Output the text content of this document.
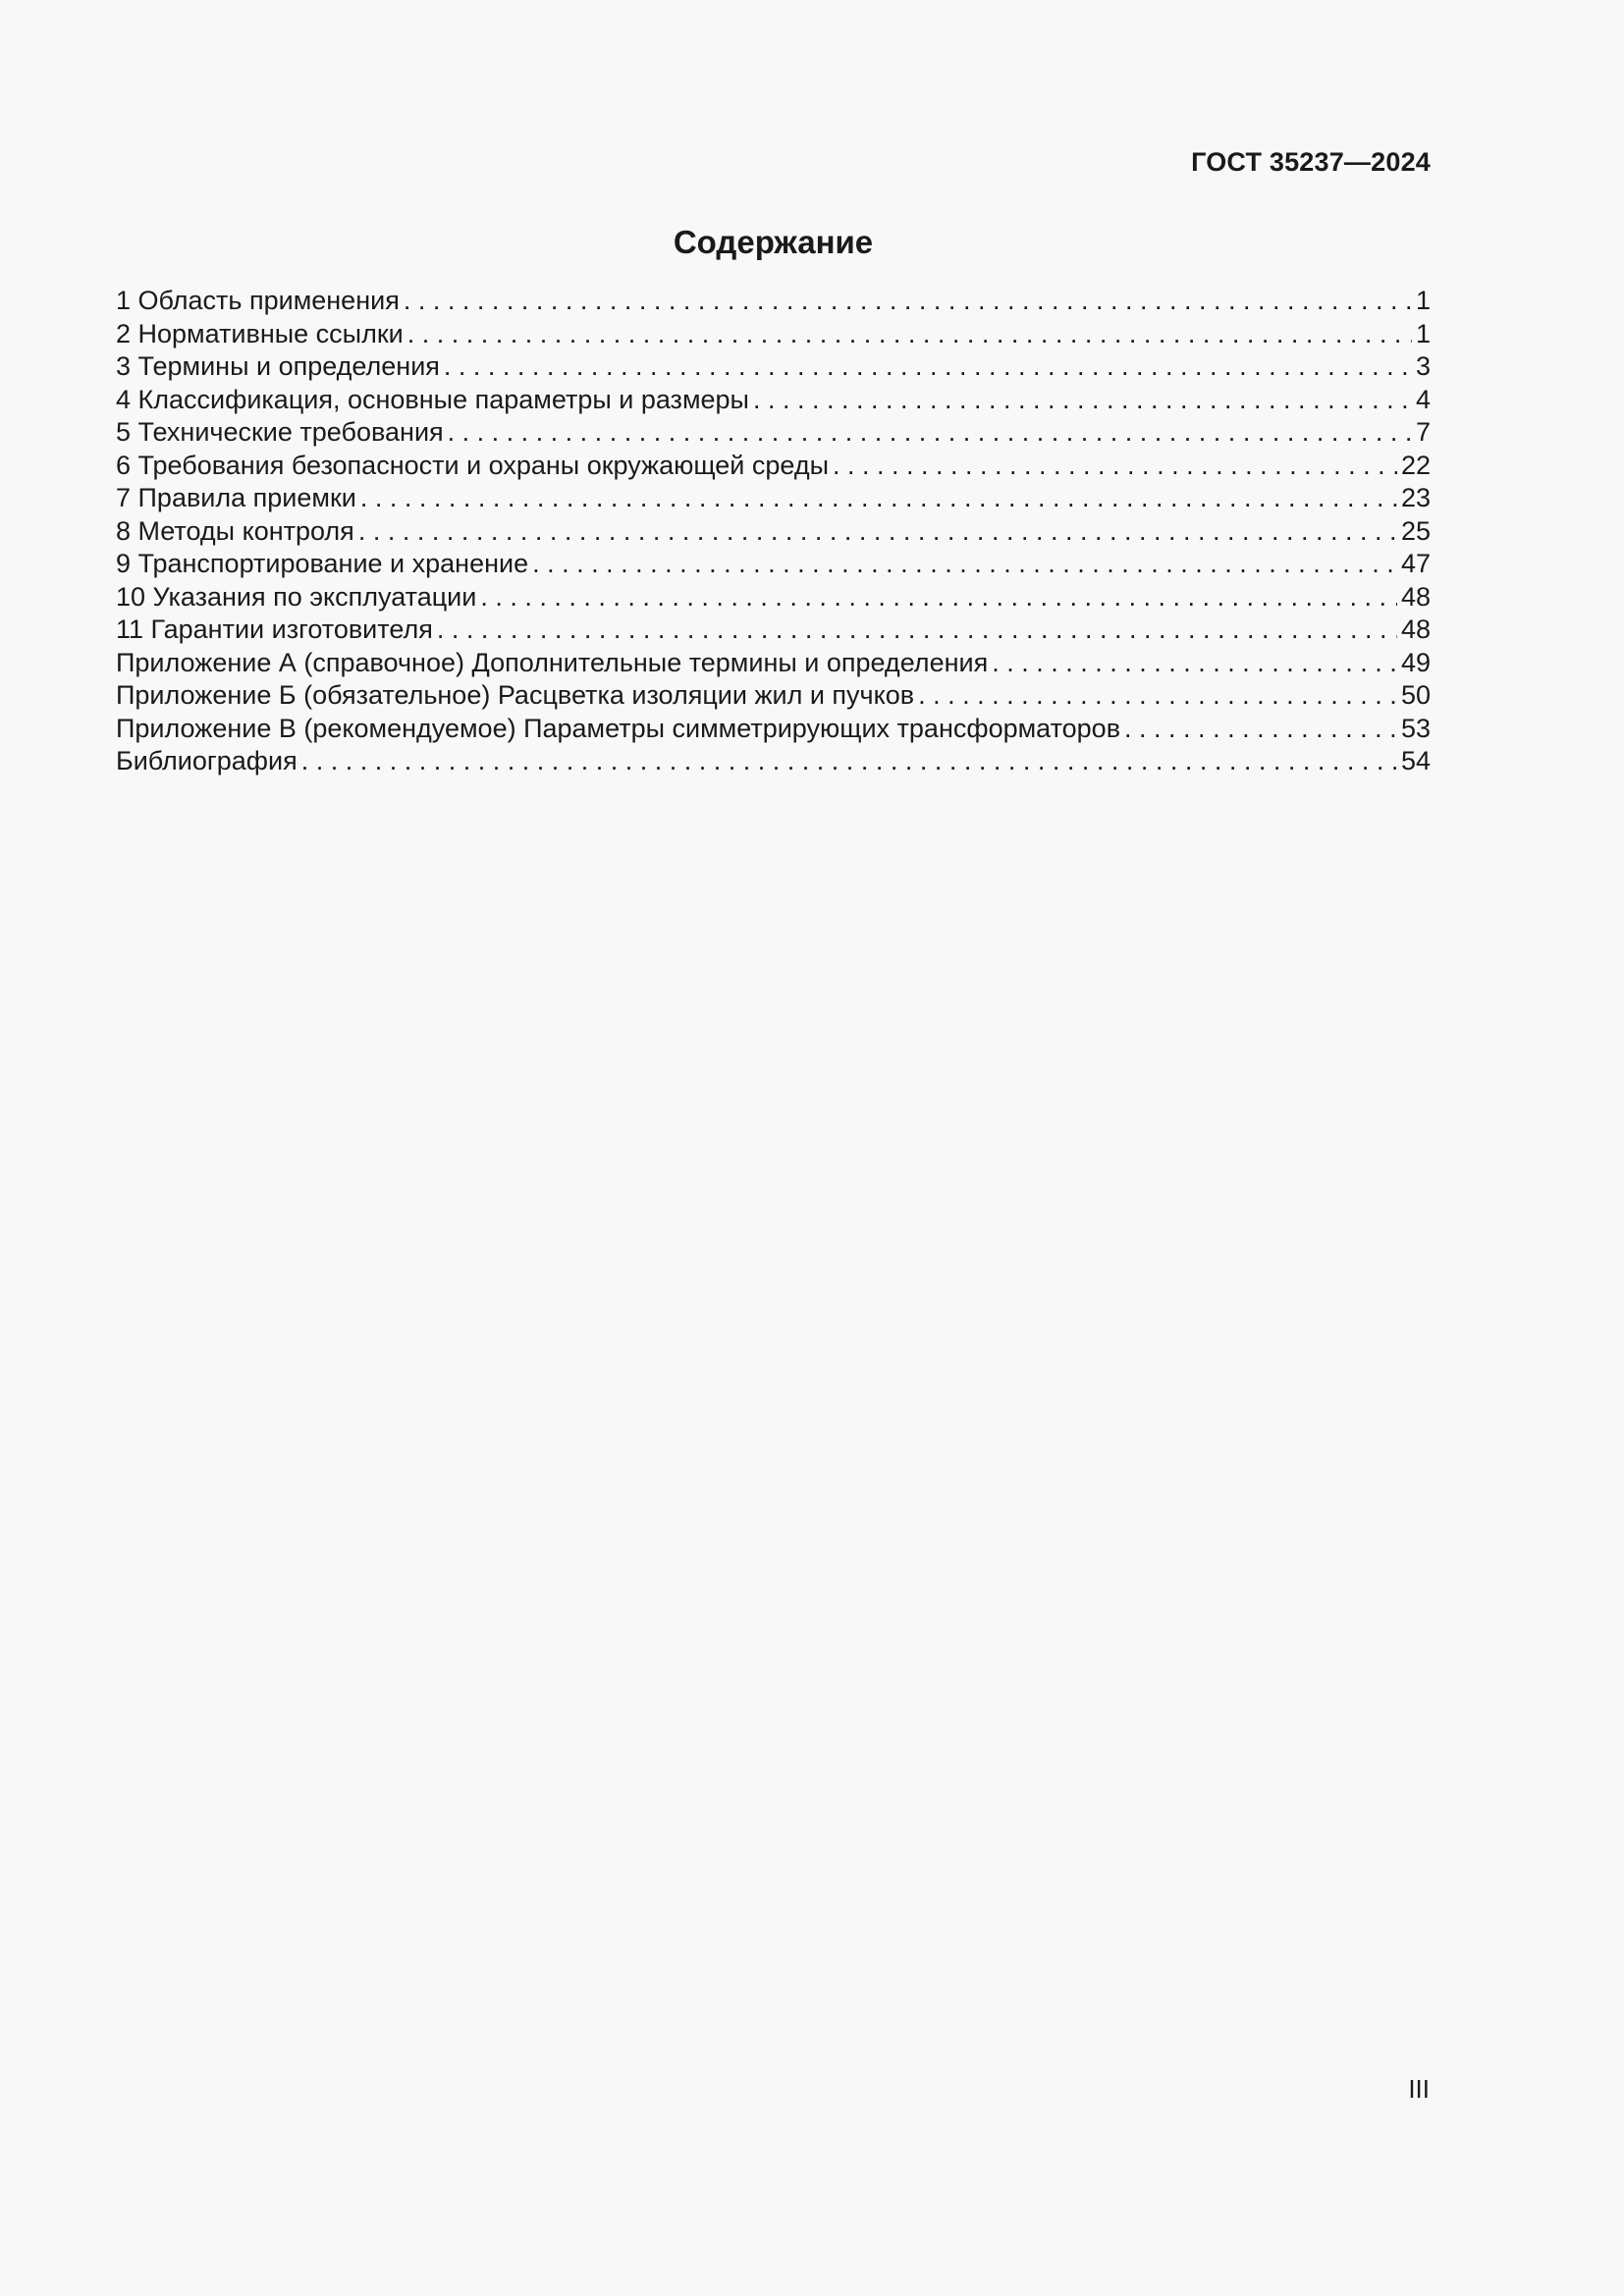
ГОСТ 35237—2024
Содержание
1 Область применения . . .	1
2 Нормативные ссылки . . .	1
3 Термины и определения . . .	3
4 Классификация, основные параметры и размеры . . .	4
5 Технические требования . . .	7
6 Требования безопасности и охраны окружающей среды . . .	22
7 Правила приемки . . .	23
8 Методы контроля . . .	25
9 Транспортирование и хранение . . .	47
10 Указания по эксплуатации . . .	48
11 Гарантии изготовителя . . .	48
Приложение А (справочное) Дополнительные термины и определения . . .	49
Приложение Б (обязательное) Расцветка изоляции жил и пучков . . .	50
Приложение В (рекомендуемое) Параметры симметрирующих трансформаторов . . .	53
Библиография . . .	54
III
